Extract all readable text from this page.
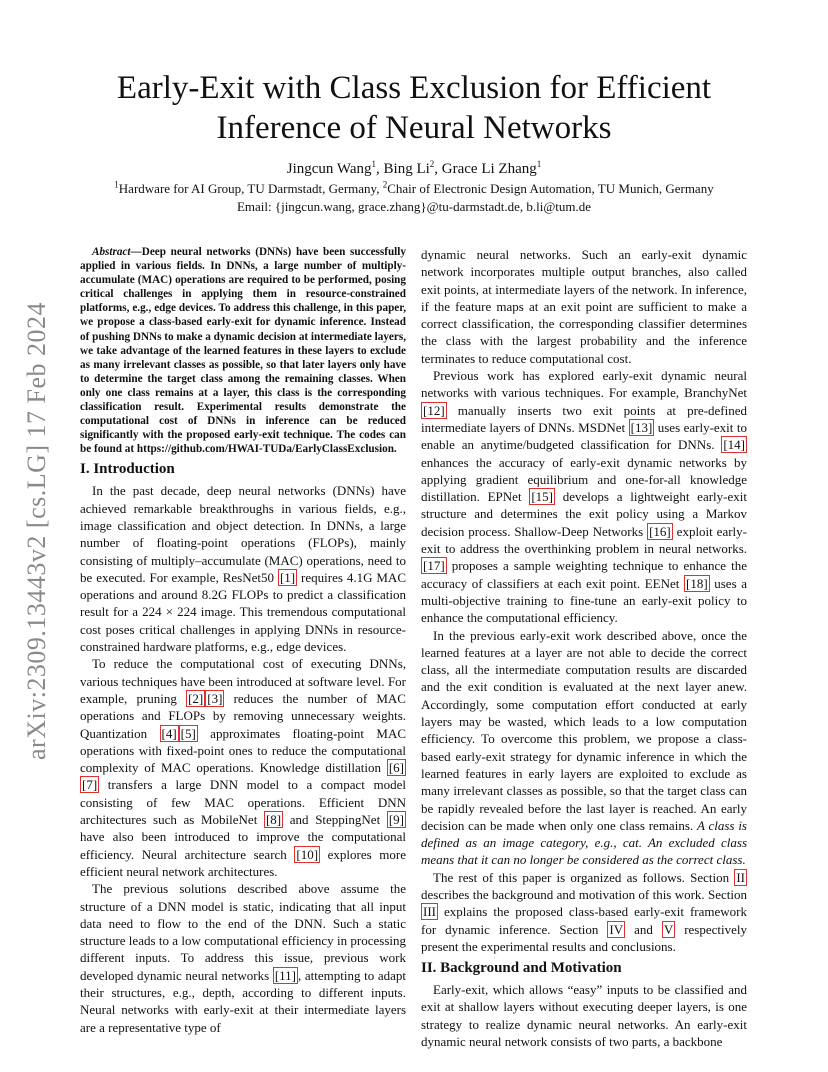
arXiv:2309.13443v2 [cs.LG] 17 Feb 2024
Early-Exit with Class Exclusion for Efficient Inference of Neural Networks
Jingcun Wang$^1$, Bing Li$^2$, Grace Li Zhang$^1$
$^1$Hardware for AI Group, TU Darmstadt, Germany, $^2$Chair of Electronic Design Automation, TU Munich, Germany
Email: {jingcun.wang, grace.zhang}@tu-darmstadt.de, b.li@tum.de

Abstract—Deep neural networks (DNNs) have been successfully applied in various fields. In DNNs, a large number of multiply-accumulate (MAC) operations are required to be performed, posing critical challenges in applying them in resource-constrained platforms, e.g., edge devices. To address this challenge, in this paper, we propose a class-based early-exit for dynamic inference. Instead of pushing DNNs to make a dynamic decision at intermediate layers, we take advantage of the learned features in these layers to exclude as many irrelevant classes as possible, so that later layers only have to determine the target class among the remaining classes. When only one class remains at a layer, this class is the corresponding classification result. Experimental results demonstrate the computational cost of DNNs in inference can be reduced significantly with the proposed early-exit technique. The codes can be found at https://github.com/HWAI-TUDa/EarlyClassExclusion.

I. Introduction

In the past decade, deep neural networks (DNNs) have achieved remarkable breakthroughs in various fields, e.g., image classification and object detection. In DNNs, a large number of floating-point operations (FLOPs), mainly consisting of multiply–accumulate (MAC) operations, need to be executed. For example, ResNet50 [1] requires 4.1G MAC operations and around 8.2G FLOPs to predict a classification result for a 224 × 224 image. This tremendous computational cost poses critical challenges in applying DNNs in resource-constrained hardware platforms, e.g., edge devices.

To reduce the computational cost of executing DNNs, various techniques have been introduced at software level. For example, pruning [2] [3] reduces the number of MAC operations and FLOPs by removing unnecessary weights. Quantization [4] [5] approximates floating-point MAC operations with fixed-point ones to reduce the computational complexity of MAC operations. Knowledge distillation [6][7] transfers a large DNN model to a compact model consisting of few MAC operations. Efficient DNN architectures such as MobileNet [8] and SteppingNet [9] have also been introduced to improve the computational efficiency. Neural architecture search [10] explores more efficient neural network architectures.

The previous solutions described above assume the structure of a DNN model is static, indicating that all input data need to flow to the end of the DNN. Such a static structure leads to a low computational efficiency in processing different inputs. To address this issue, previous work developed dynamic neural networks [11] , attempting to adapt their structures, e.g., depth, according to different inputs. Neural networks with early-exit at their intermediate layers are a representative type of

dynamic neural networks. Such an early-exit dynamic network incorporates multiple output branches, also called exit points, at intermediate layers of the network. In inference, if the feature maps at an exit point are sufficient to make a correct classification, the corresponding classifier determines the class with the largest probability and the inference terminates to reduce computational cost.

Previous work has explored early-exit dynamic neural networks with various techniques. For example, BranchyNet [12] manually inserts two exit points at pre-defined intermediate layers of DNNs. MSDNet [13] uses early-exit to enable an anytime/budgeted classification for DNNs. [14] enhances the accuracy of early-exit dynamic networks by applying gradient equilibrium and one-for-all knowledge distillation. EPNet [15] develops a lightweight early-exit structure and determines the exit policy using a Markov decision process. Shallow-Deep Networks [16] exploit early-exit to address the overthinking problem in neural networks. [17] proposes a sample weighting technique to enhance the accuracy of classifiers at each exit point. EENet [18] uses a multi-objective training to fine-tune an early-exit policy to enhance the computational efficiency.

In the previous early-exit work described above, once the learned features at a layer are not able to decide the correct class, all the intermediate computation results are discarded and the exit condition is evaluated at the next layer anew. Accordingly, some computation effort conducted at early layers may be wasted, which leads to a low computation efficiency. To overcome this problem, we propose a class-based early-exit strategy for dynamic inference in which the learned features in early layers are exploited to exclude as many irrelevant classes as possible, so that the target class can be rapidly revealed before the last layer is reached. An early decision can be made when only one class remains. A class is defined as an image category, e.g., cat. An excluded class means that it can no longer be considered as the correct class.

The rest of this paper is organized as follows. Section II describes the background and motivation of this work. Section III explains the proposed class-based early-exit framework for dynamic inference. Section IV and V respectively present the experimental results and conclusions.

II. Background and Motivation

Early-exit, which allows “easy” inputs to be classified and exit at shallow layers without executing deeper layers, is one strategy to realize dynamic neural networks. An early-exit dynamic neural network consists of two parts, a backbone
